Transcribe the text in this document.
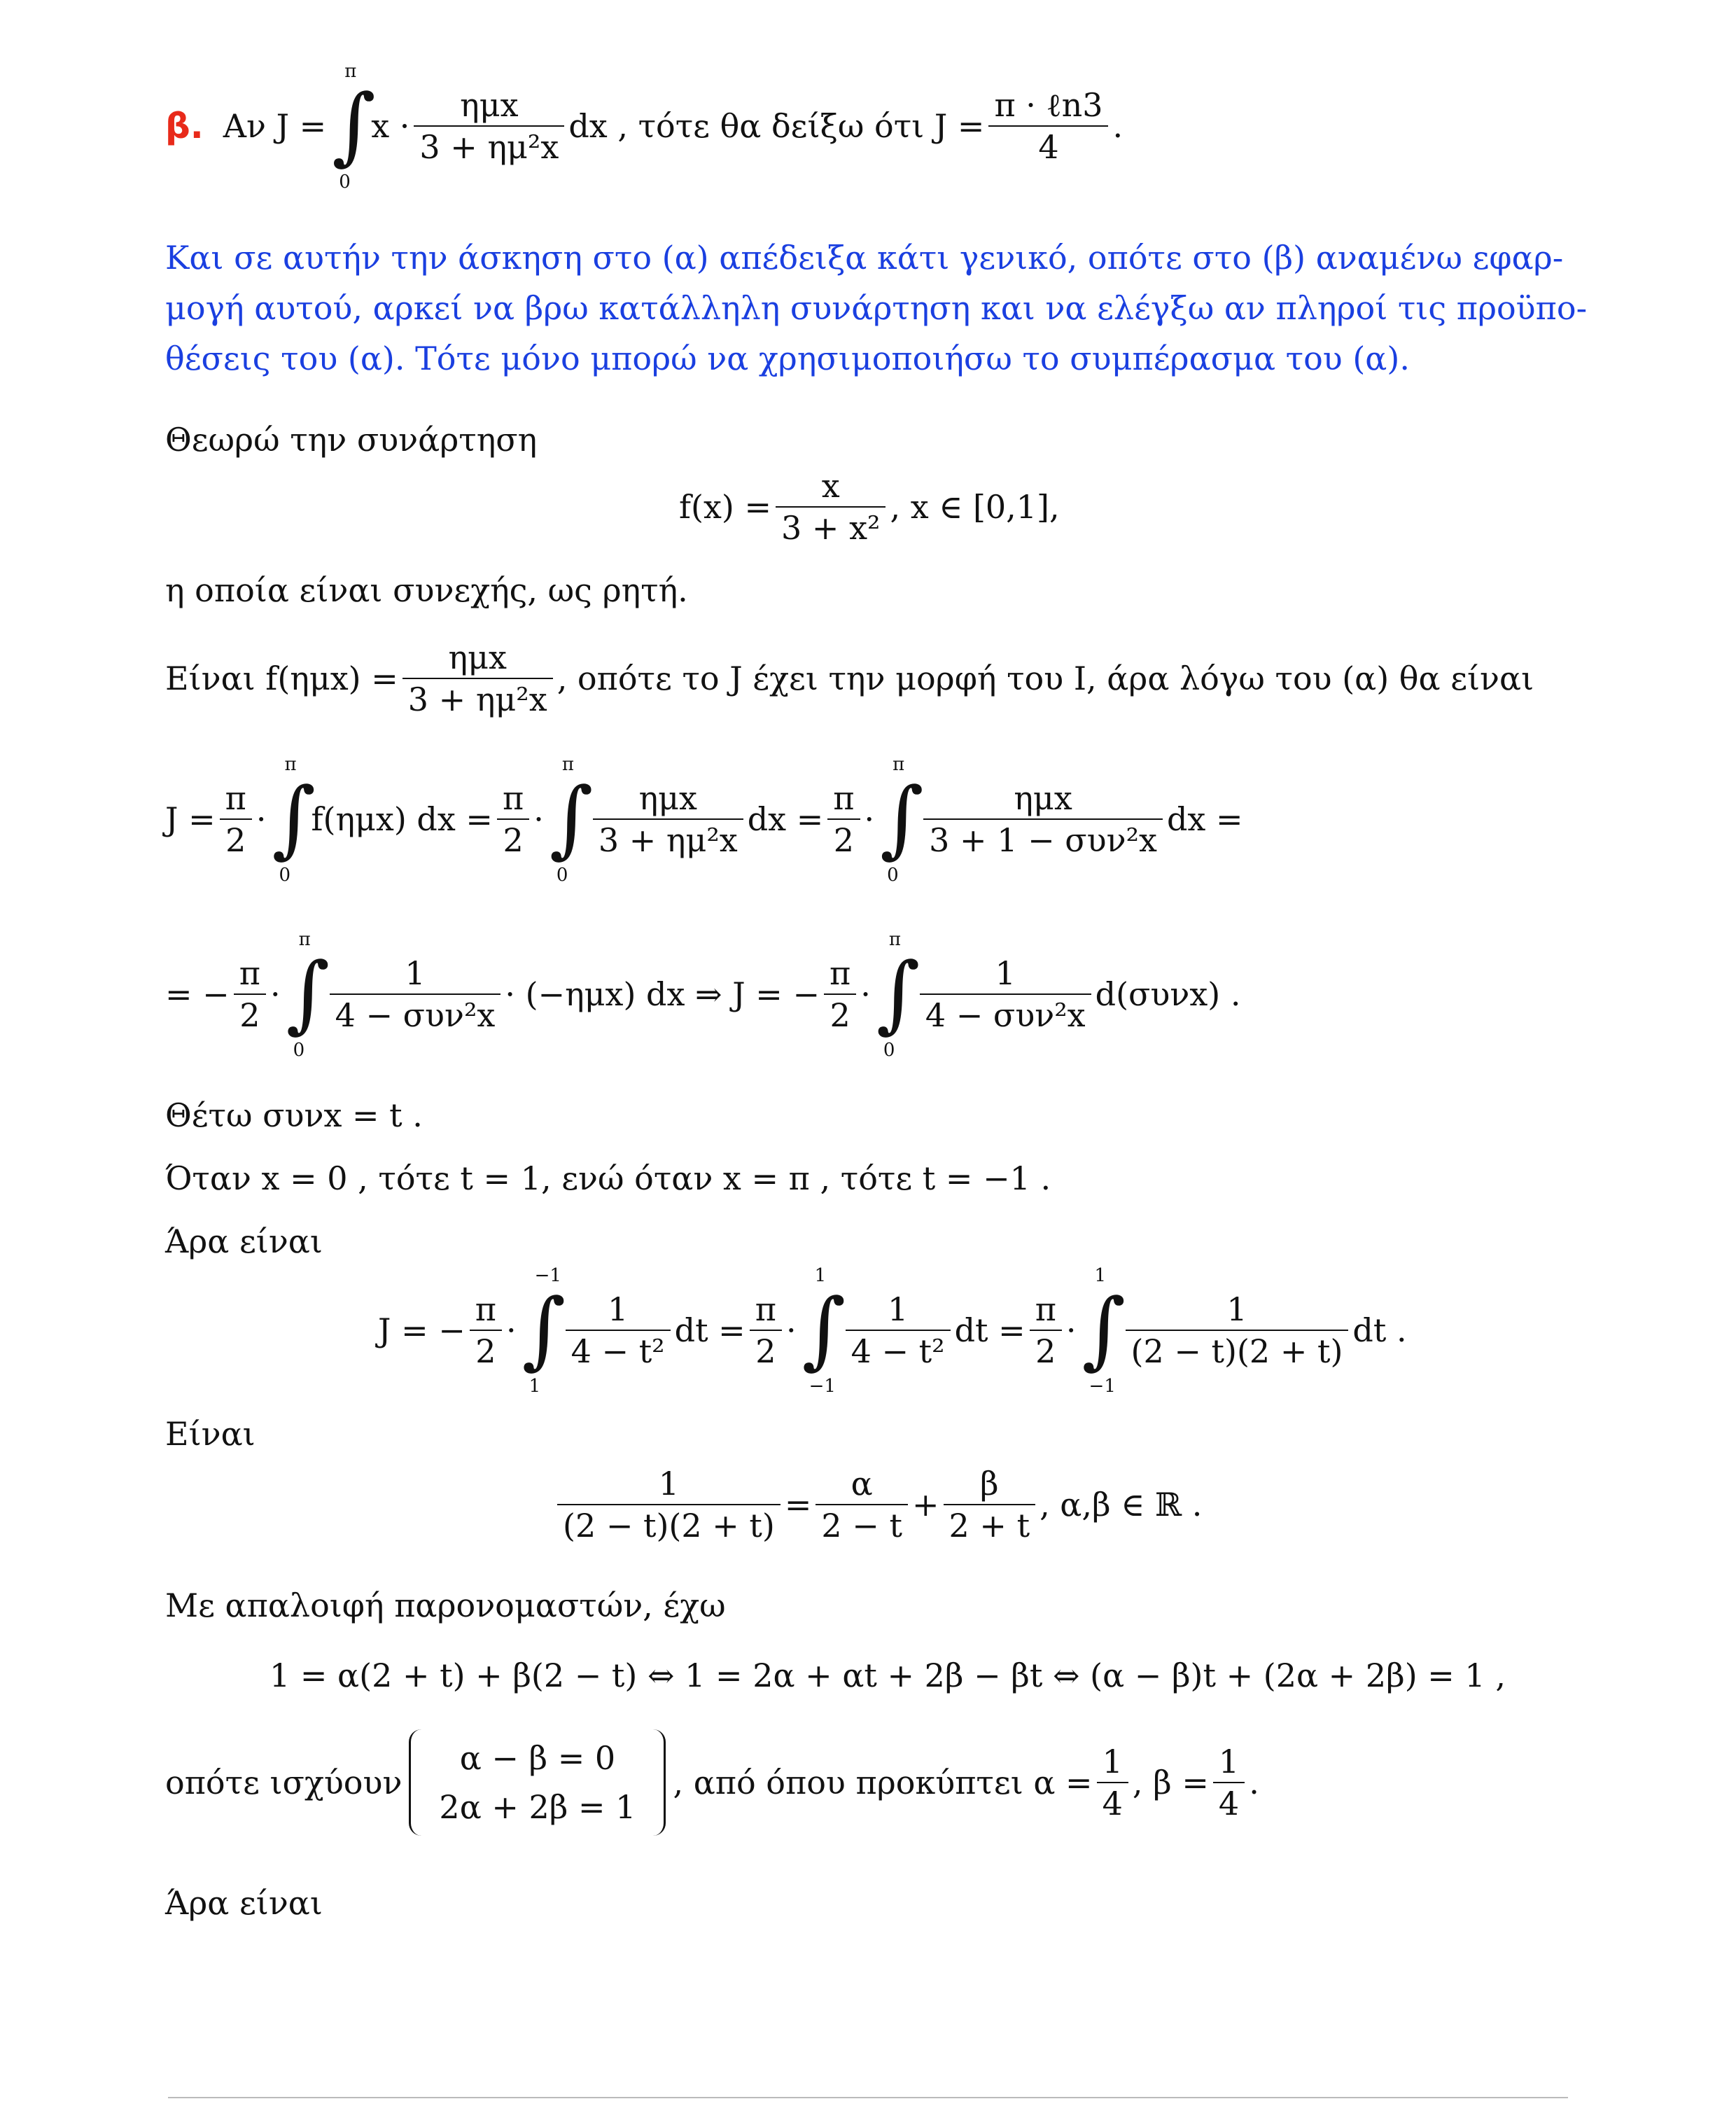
β. Αν J =
π
∫
0
$x \cdot \frac{\text{ημx}}{\text{3 + ημ²x}}$ dx , τότε θα δείξω ότι $J = \frac{\text{π · ℓn3}}{4}$ .
Και σε αυτήν την άσκηση στο (α) απέδειξα κάτι γενικό, οπότε στο (β) αναμένω εφαρ-
μογή αυτού, αρκεί να βρω κατάλληλη συνάρτηση και να ελέγξω αν πληροί τις προϋπο-
θέσεις του (α). Τότε μόνο μπορώ να χρησιμοποιήσω το συμπέρασμα του (α).
Θεωρώ την συνάρτηση
$f(x) = \frac{x}{\text{3 + x²}}$ , x ∈ [0,1],
η οποία είναι συνεχής, ως ρητή.
Είναι $f(\eta\mu x) = \frac{\text{ημx}}{\text{3 + ημ²x}}$ , οπότε το J έχει την μορφή του I, άρα λόγω του (α) θα είναι
$J = \frac{\pi}{2}$ ·
π
∫
0
f(ημx) dx = $\frac{\pi}{2}$ ·
π
∫
0
$\frac{\text{ημx}}{\text{3 + ημ²x}}$ dx = $\frac{\pi}{2}$ ·
π
∫
0
$\frac{\text{ημx}}{\text{3 + 1 − συν²x}}$ dx =
= − $\frac{\pi}{2}$ ·
π
∫
0
$\frac{1}{\text{4 − συν²x}} \cdot (-\eta\mu x)$ dx ⇒ J = − $\frac{\pi}{2}$ ·
π
∫
0
$\frac{1}{\text{4 − συν²x}} d(\sigma\upsilon\nu x)$ .
Θέτω συνx = t .
Όταν x = 0 , τότε t = 1, ενώ όταν x = π , τότε t = −1 .
Άρα είναι
J = − $\frac{\pi}{2}$ ·
−1
∫
1
$\frac{1}{\text{4 − t²}}$ dt = $\frac{\pi}{2}$ ·
1
∫
−1
$\frac{1}{\text{4 − t²}}$ dt = $\frac{\pi}{2}$ ·
1
∫
−1
$\frac{1}{(2 - t)(2 + t)}$ dt .
Είναι
$\frac{1}{(2 - t)(2 + t)} = \frac{\alpha}{2 - t} + \frac{\beta}{2 + t}$ , α,β ∈ ℝ .
Με απαλοιφή παρονομαστών, έχω
1 = α(2 + t) + β(2 − t) ⇔ 1 = 2α + αt + 2β − βt ⇔ (α − β)t + (2α + 2β) = 1 ,
οπότε ισχύουν
α − β = 0
2α + 2β = 1
, από όπου προκύπτει $\alpha = \frac{1}{4}$ , $\beta = \frac{1}{4}$ .
Άρα είναι
